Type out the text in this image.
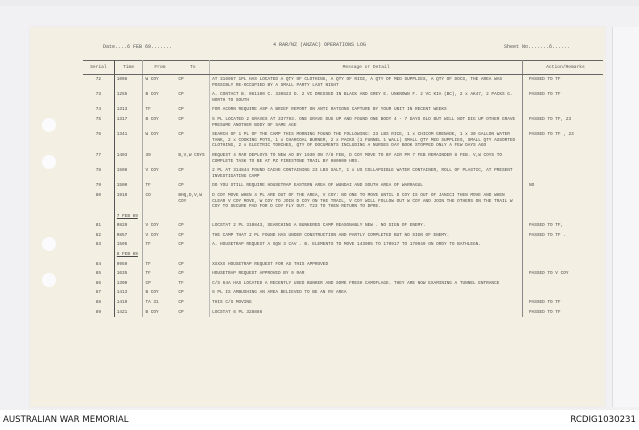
4 RAR/NZ (ANZAC) OPERATIONS LOG
Date....6 FEB 69.......	Sheet No.......6......
Serial	Time	From	To	Message or Detail	Action/Remarks
72	1008	W COY	CP	AT 316967 1PL HAS LOCATED A QTY OF CLOTHING, A QTY OF RICE, A QTY OF MED SUPPLIES, A QTY OF DOCS, THE AREA WAS POSSIBLY RE-OCCUPIED BY A SMALL PARTY LAST NIGHT	PASSED TO TF
73	1255	B COY	CP	A. CONTACT B. 061100 C. 330823 D. 2 VC DRESSED IN BLACK AND GREY E. UNKNOWN F. 2 VC KIA (BC), 2 x AK47, 2 PACKS G. NORTH TO SOUTH	PASSED TO TF
74	1313	TF	CP	FOR ACORN REQUIRE ASP A BRIEF REPORT ON ANTI RATIONS CAPTURE BY YOUR UNIT IN RECENT WEEKS	
75	1317	B COY	CP	5 PL LOCATED 2 GRAVES AT 337793. ONE GRAVE DUG UP AND FOUND ONE BODY 4 - 7 DAYS OLD BUT WILL NOT DIG UP OTHER GRAVE PRESUME ANOTHER BODY OF SAME AGE	PASSED TO TF, 23
76	1341	W COY	CP	SEARCH OF 1 PL OF THE CAMP THIS MORNING FOUND THE FOLLOWING: 23 LBS RICE, 1 x CHICOM GRENADE, 1 x 30 GALLON WATER TANK, 2 x COOKING POTS, 1 x CHARCOAL BURNER, 2 x PACKS (1 FUNNEL 1 WALL) SMALL QTY MED SUPPLIES, SMALL QTY ASSORTED CLOTHING, 2 x ELECTRIC TORCHES, QTY OF DOCUMENTS INCLUDING A NURSES DAY BOOK STOPPED ONLY A FEW DAYS AGO	PASSED TO TF , 23
77	1403	39	B,V,W COYS	REQUEST 4 RAR DEPLOYS TO NEW AO BY 1930 ON 7/8 FEB, D COY MOVE TO BY AIR PM 7 FEB REMAINDER 8 FEB. V,W COYS TO COMPLETE TASK TO BE AT PZ FIRESTONE TRAIL BY 080900 HRS.	
78	1508	V COY	CP	2 PL AT 314844 FOUND CACHE CONTAINING 23 LBS SALT, 1 x US COLLAPSIBLE WATER CONTAINER, ROLL OF PLASTIC, AT PRESENT INVESTIGATING CAMP	
79	1500	TF	CP	DO YOU STILL REQUIRE HOUSETRAP EASTERN AREA OF WUNDAI AND SOUTH AREA OF WARRAGUL	NO
80	1910	CO	BHQ,D,V,W COY	D COY MOVE WHEN 4 PL ARE OUT OF THE AREA, V COY: NO ONE TO MOVE UNTIL D COY IS OUT OF JANICI THEN MOVE AND WHEN CLEAR V COY MOVE, W COY TO JOIN D COY ON THE TRAIL, V COY WILL FOLLOW OUT W COY AND JOIN THE OTHERS ON THE TRAIL W COY TO SECURE PAD FOR D COY FLY OUT. T23 TO THEN RETURN TO DPRE.	
	7 FEB 69				
81	0820	V COY	CP	LOCSTAT 2 PL 310843, SEARCHING A BUNKERED CAMP REASONABLY NEW . NO SIGN OF ENEMY.	PASSED TO TF,
82	0857	V COY	CP	THE CAMP THAT 2 PL FOUND HAS UNDER CONSTRUCTION AND PARTLY COMPLETED BUT NO SIGN OF ENEMY.	PASSED TO TF .
83	1505	TF	CP	A. HOUSETRAP REQUEST A SQN 3 CAV . B. ELEMENTS TO MOVE 143905 TO 170917 TO 170949 ON ORDY TO BATHLEGN.	
	8 FEB 69				
84	0959	TF	CP	XXXXX HOUSETRAP REQUEST FOR AS THIS APPROVED	
85	1035	TF	CP	HOUSETRAP REQUEST APPROVED BY 9 RAR	PASSED TO V COY
86	1300	CP	TF	C/S 64A HAS LOCATED A RECENTLY USED BUNKER AND SOME FRESH CAMOFLAGE. THEY ARE NOW EXAMINING A TUNNEL ENTRANCE	
87	1413	B COY	CP	6 PL IS AMBUSHING AN AREA BELIEVED TO BE AN RV AREA	
88	1419	TA 31	CP	THIS C/S MOVING	PASSED TO TF
89	1421	B COY	CP	LOCSTAT 6 PL 328886	PASSED TO TF
AUSTRALIAN WAR MEMORIAL	RCDIG1030231
